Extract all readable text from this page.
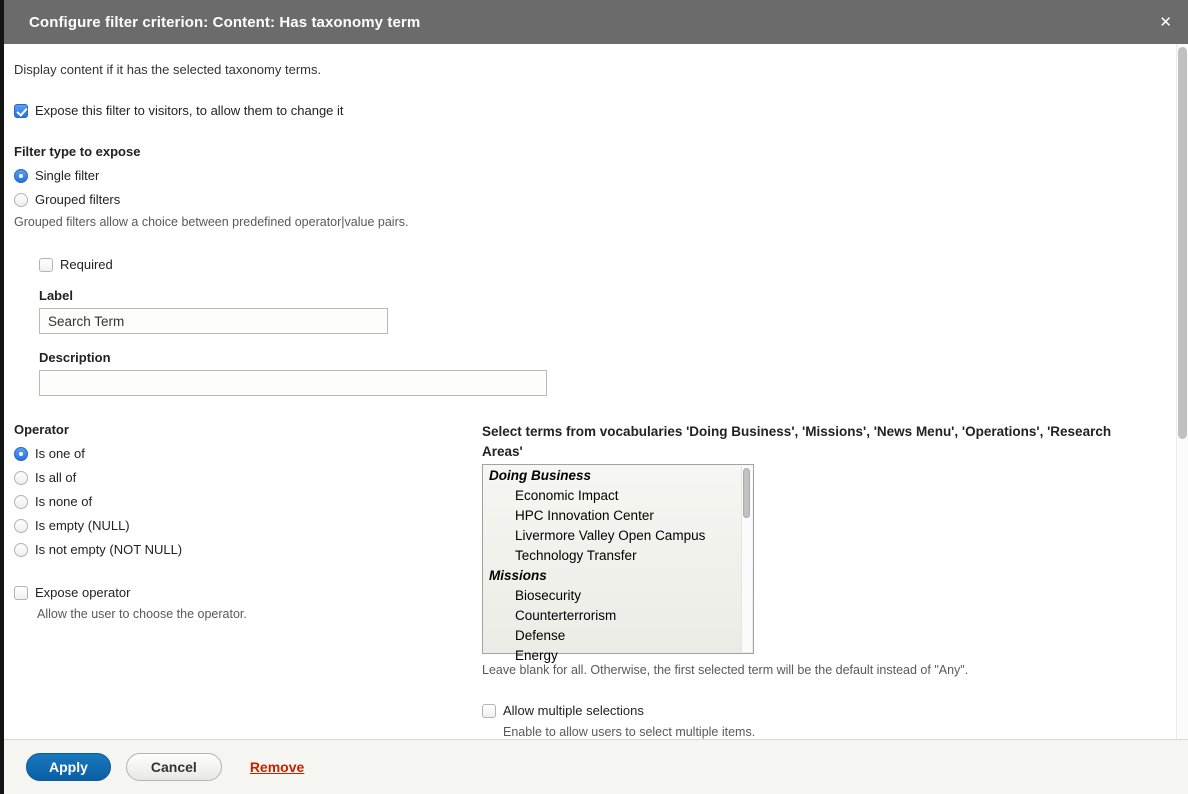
Configure filter criterion: Content: Has taxonomy term	✕
Display content if it has the selected taxonomy terms.
Expose this filter to visitors, to allow them to change it
Filter type to expose
Single filter
Grouped filters
Grouped filters allow a choice between predefined operator|value pairs.
Required
Label
Search Term
Description
Operator
Is one of
Is all of
Is none of
Is empty (NULL)
Is not empty (NOT NULL)
Expose operator
Allow the user to choose the operator.
Select terms from vocabularies 'Doing Business', 'Missions', 'News Menu', 'Operations', 'Research Areas'
Doing Business
Economic Impact
HPC Innovation Center
Livermore Valley Open Campus
Technology Transfer
Missions
Biosecurity
Counterterrorism
Defense
Energy
Leave blank for all. Otherwise, the first selected term will be the default instead of "Any".
Allow multiple selections
Enable to allow users to select multiple items.
Apply	Cancel	Remove
